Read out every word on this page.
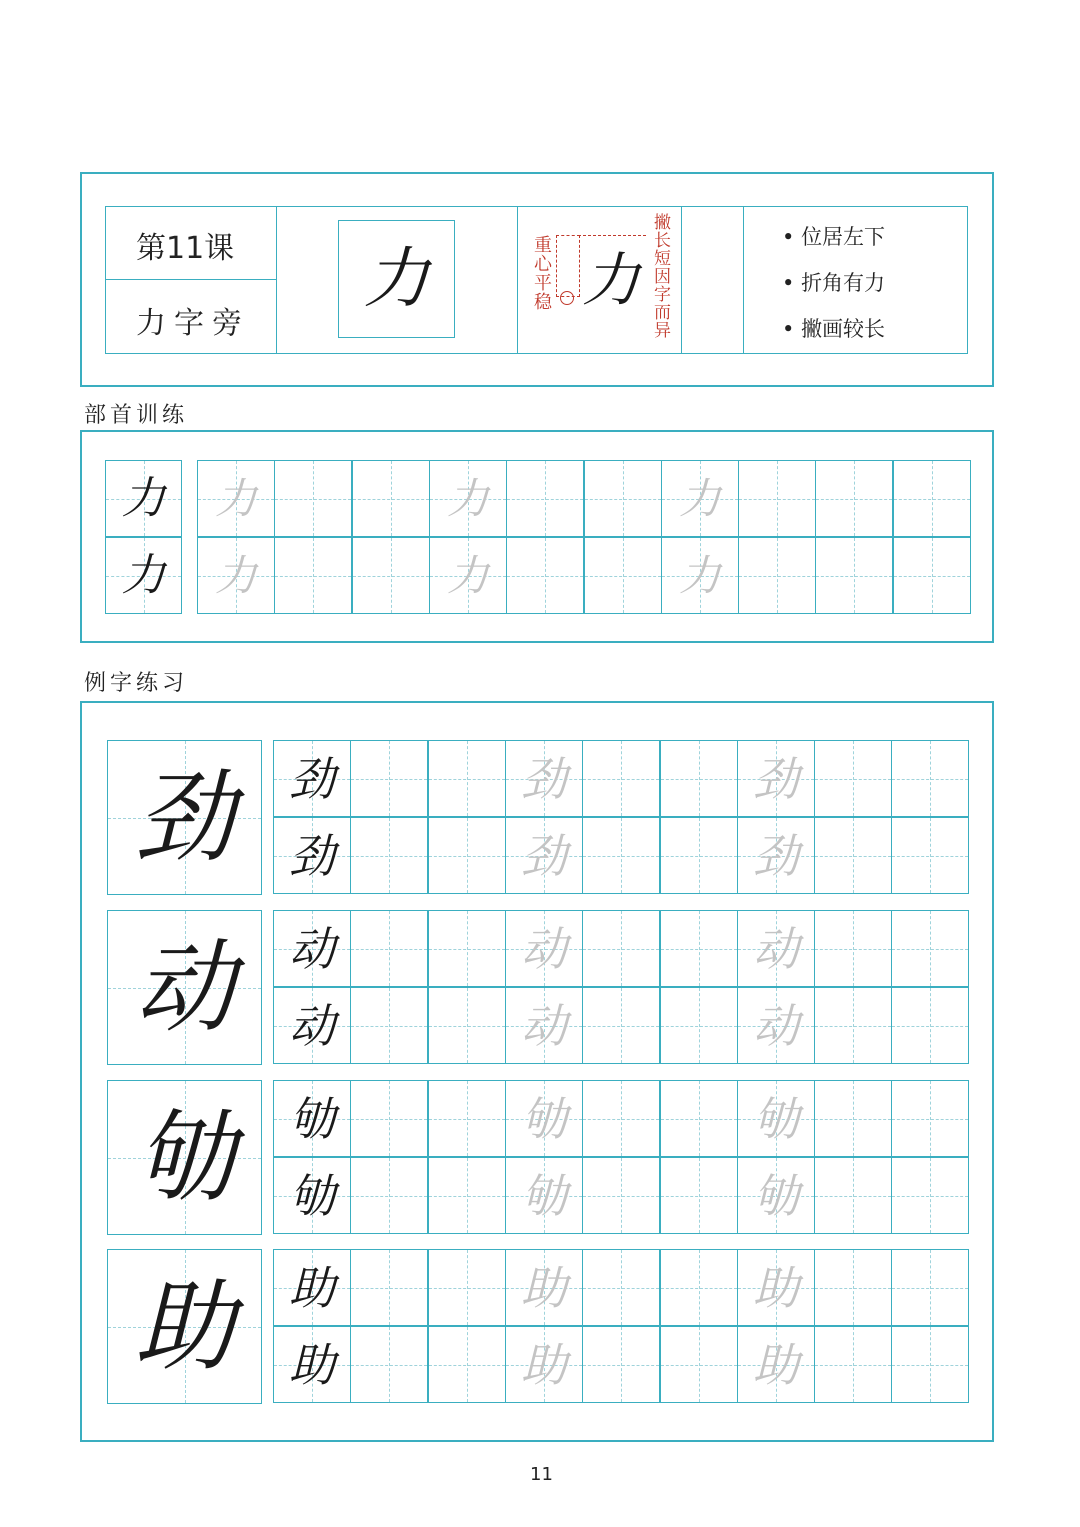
第11课
力字旁
力	重心平稳 力 撇长短因字而异	• 位居左下
• 折角有力
• 撇画较长
部首训练
例字练习
11
力
力
力	力	力
力	力	力
劲	劲	劲	劲
劲	劲	劲
动	动	动	动
动	动	动
劬	劬	劬	劬
劬	劬	劬
助	助	助	助
助	助	助
